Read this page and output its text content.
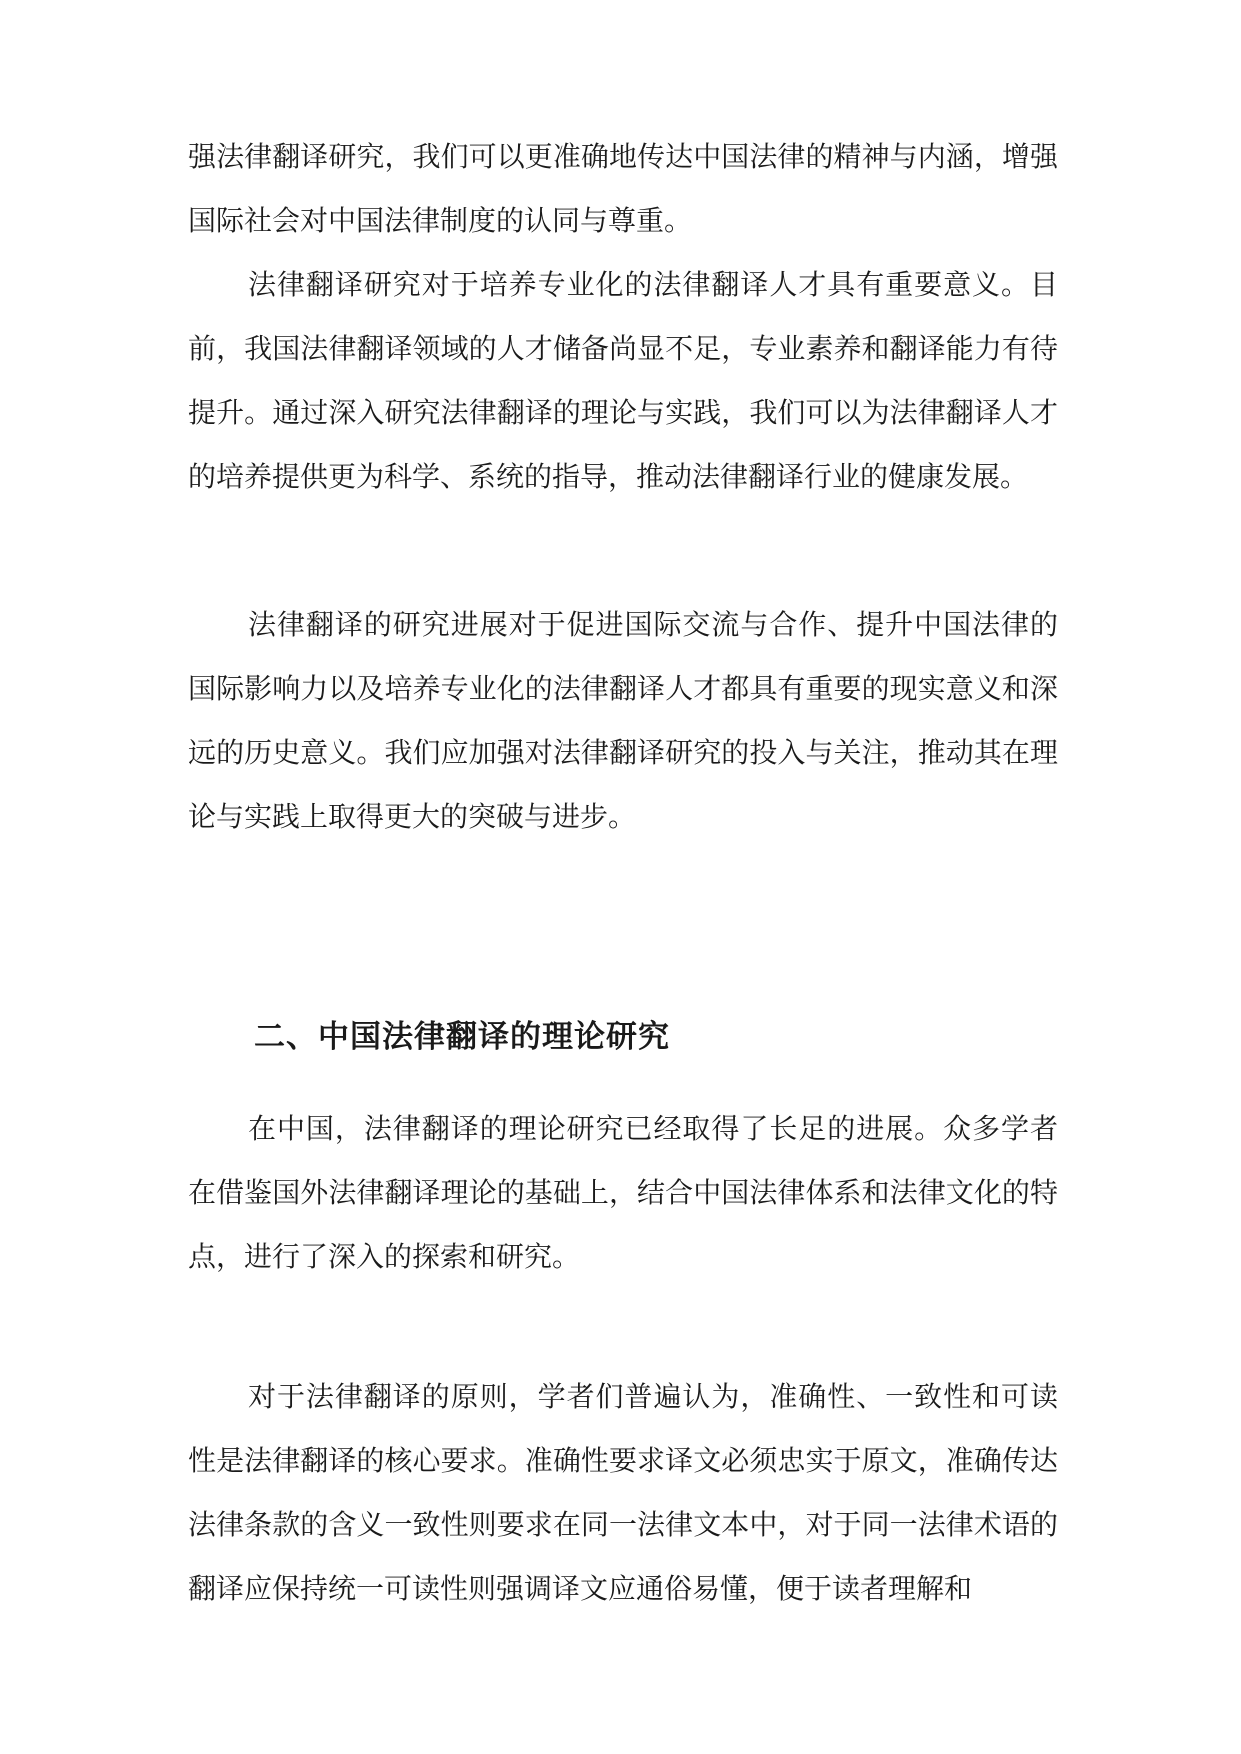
强法律翻译研究，我们可以更准确地传达中国法律的精神与内涵，增强国际社会对中国法律制度的认同与尊重。

法律翻译研究对于培养专业化的法律翻译人才具有重要意义。目前，我国法律翻译领域的人才储备尚显不足，专业素养和翻译能力有待提升。通过深入研究法律翻译的理论与实践，我们可以为法律翻译人才的培养提供更为科学、系统的指导，推动法律翻译行业的健康发展。

法律翻译的研究进展对于促进国际交流与合作、提升中国法律的国际影响力以及培养专业化的法律翻译人才都具有重要的现实意义和深远的历史意义。我们应加强对法律翻译研究的投入与关注，推动其在理论与实践上取得更大的突破与进步。

二、中国法律翻译的理论研究

在中国，法律翻译的理论研究已经取得了长足的进展。众多学者在借鉴国外法律翻译理论的基础上，结合中国法律体系和法律文化的特点，进行了深入的探索和研究。

对于法律翻译的原则，学者们普遍认为，准确性、一致性和可读性是法律翻译的核心要求。准确性要求译文必须忠实于原文，准确传达法律条款的含义一致性则要求在同一法律文本中，对于同一法律术语的翻译应保持统一可读性则强调译文应通俗易懂，便于读者理解和
